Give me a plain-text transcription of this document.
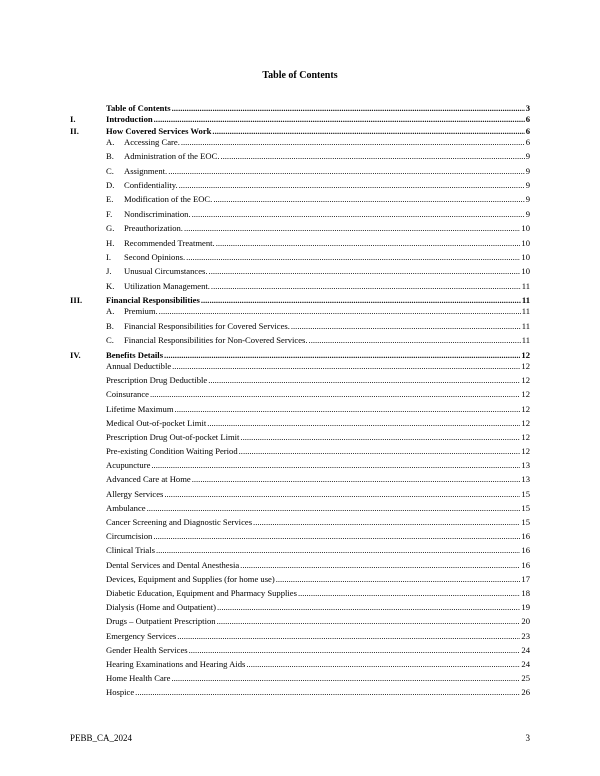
Table of Contents
Table of Contents .....	3
I.	Introduction .....	6
II.	How Covered Services Work .....	6
A.	Accessing Care. .....	6
B.	Administration of the EOC. .....	9
C.	Assignment. .....	9
D.	Confidentiality. .....	9
E.	Modification of the EOC. .....	9
F.	Nondiscrimination. .....	9
G.	Preauthorization. .....	10
H.	Recommended Treatment. .....	10
I.	Second Opinions. .....	10
J.	Unusual Circumstances. .....	10
K.	Utilization Management. .....	11
III.	Financial Responsibilities .....	11
A.	Premium. .....	11
B.	Financial Responsibilities for Covered Services. .....	11
C.	Financial Responsibilities for Non-Covered Services. .....	11
IV.	Benefits Details .....	12
Annual Deductible .....	12
Prescription Drug Deductible .....	12
Coinsurance .....	12
Lifetime Maximum .....	12
Medical Out-of-pocket Limit .....	12
Prescription Drug Out-of-pocket Limit .....	12
Pre-existing Condition Waiting Period .....	12
Acupuncture .....	13
Advanced Care at Home .....	13
Allergy Services .....	15
Ambulance .....	15
Cancer Screening and Diagnostic Services .....	15
Circumcision .....	16
Clinical Trials .....	16
Dental Services and Dental Anesthesia .....	16
Devices, Equipment and Supplies (for home use) .....	17
Diabetic Education, Equipment and Pharmacy Supplies .....	18
Dialysis (Home and Outpatient) .....	19
Drugs – Outpatient Prescription .....	20
Emergency Services .....	23
Gender Health Services .....	24
Hearing Examinations and Hearing Aids .....	24
Home Health Care .....	25
Hospice .....	26
PEBB_CA_2024	3
